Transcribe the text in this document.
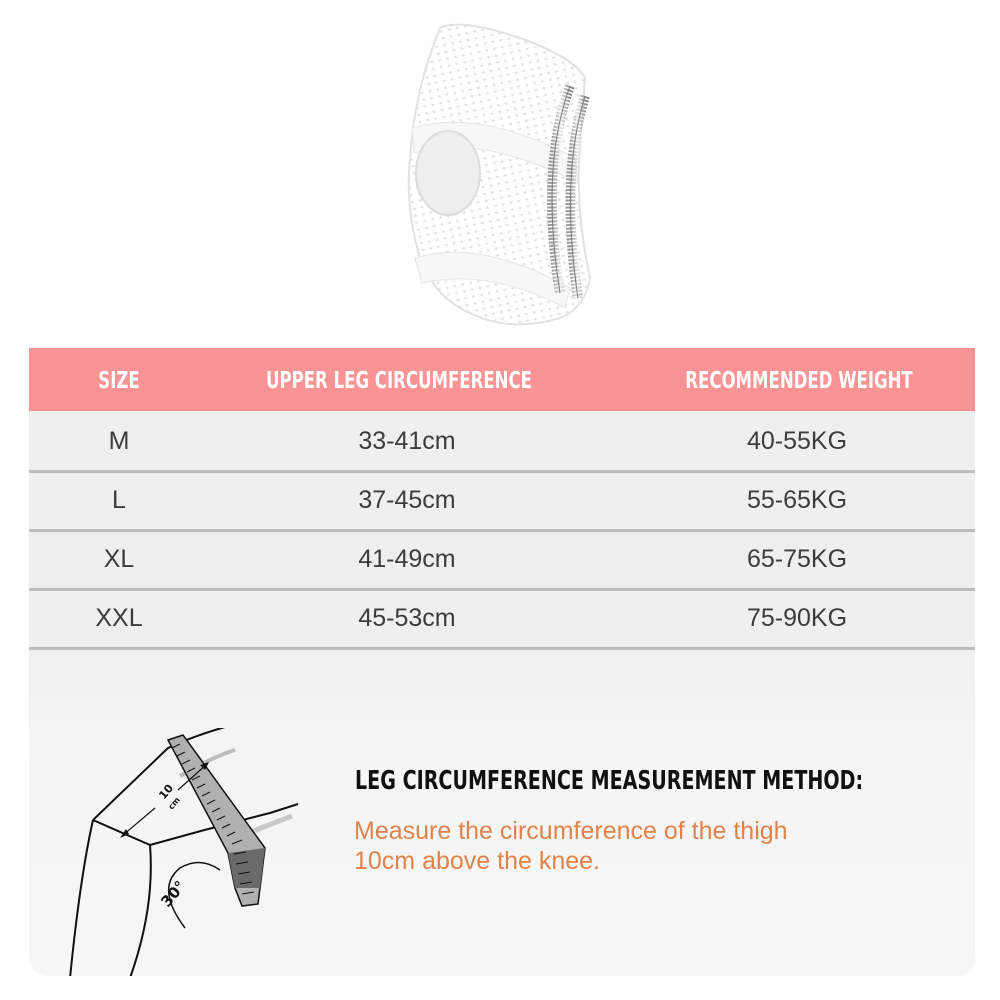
SIZE	UPPER LEG CIRCUMFERENCE	RECOMMENDED WEIGHT
M	33-41cm	40-55KG
L	37-45cm	55-65KG
XL	41-49cm	65-75KG
XXL	45-53cm	75-90KG
10
cm
30°
LEG CIRCUMFERENCE MEASUREMENT METHOD:
Measure the circumference of the thigh
10cm above the knee.
